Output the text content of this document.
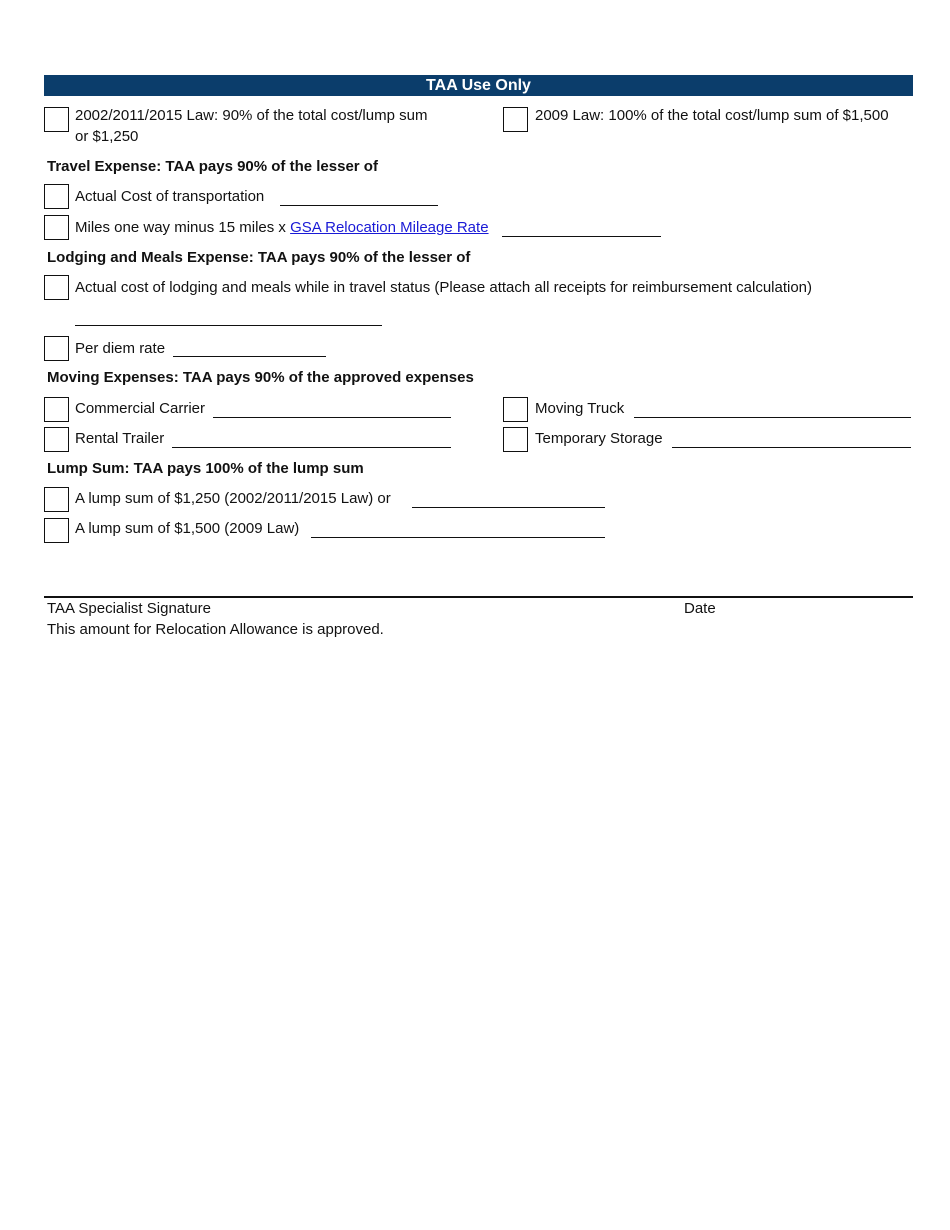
TAA Use Only
2002/2011/2015 Law: 90% of the total cost/lump sum
or $1,250
2009 Law: 100% of the total cost/lump sum of $1,500
Travel Expense: TAA pays 90% of the lesser of
Actual Cost of transportation
Miles one way minus 15 miles x GSA Relocation Mileage Rate
Lodging and Meals Expense: TAA pays 90% of the lesser of
Actual cost of lodging and meals while in travel status (Please attach all receipts for reimbursement calculation)
Per diem rate
Moving Expenses: TAA pays 90% of the approved expenses
Commercial Carrier	Moving Truck
Rental Trailer	Temporary Storage
Lump Sum: TAA pays 100% of the lump sum
A lump sum of $1,250 (2002/2011/2015 Law) or
A lump sum of $1,500 (2009 Law)
TAA Specialist Signature	Date
This amount for Relocation Allowance is approved.
